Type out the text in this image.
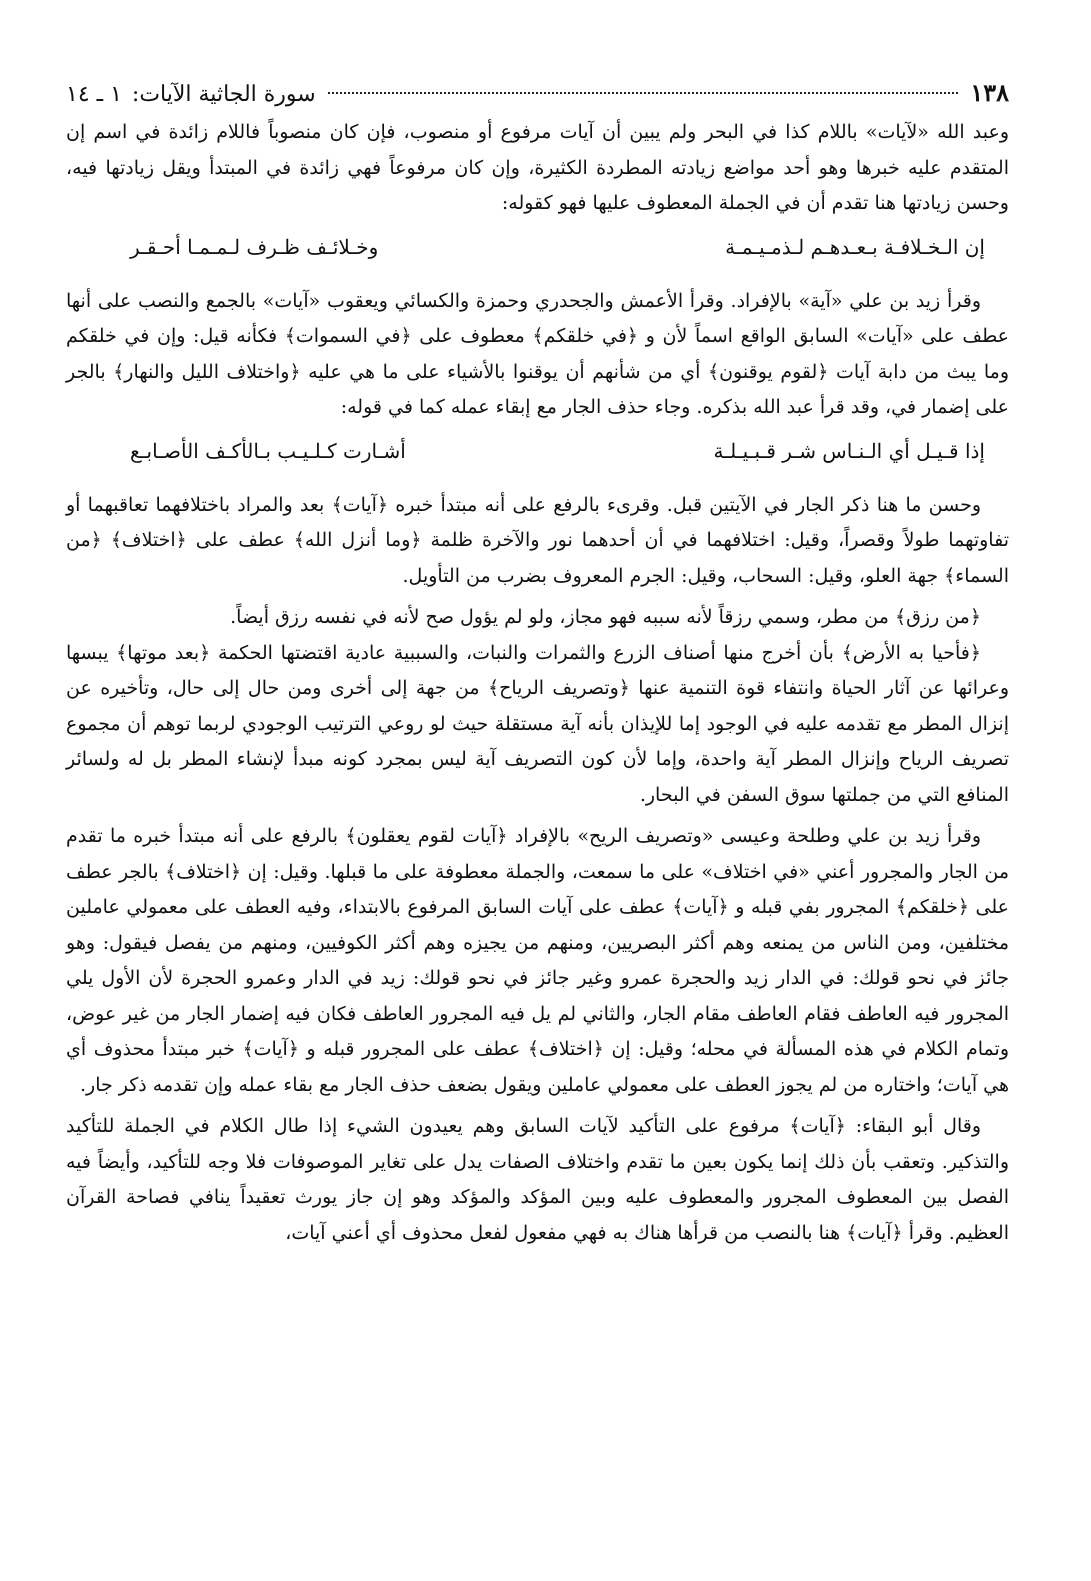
١٣٨
سورة الجاثية الآيات:
١ ـ ١٤

وعبد الله «لآيات» باللام كذا في البحر ولم يبين أن آيات مرفوع أو منصوب، فإن كان منصوباً فاللام زائدة في اسم إن المتقدم عليه خبرها وهو أحد مواضع زيادته المطردة الكثيرة، وإن كان مرفوعاً فهي زائدة في المبتدأ ويقل زيادتها فيه، وحسن زيادتها هنا تقدم أن في الجملة المعطوف عليها فهو كقوله:

إن الـخـلافـة بـعـدهـم لـذمـيـمـة
وخـلائـف ظـرف لـمـمـا أحـقـر

وقرأ زيد بن علي «آية» بالإفراد. وقرأ الأعمش والجحدري وحمزة والكسائي ويعقوب «آيات» بالجمع والنصب على أنها عطف على «آيات» السابق الواقع اسماً لأن و ﴿في خلقكم﴾ معطوف على ﴿في السموات﴾ فكأنه قيل: وإن في خلقكم وما يبث من دابة آيات ﴿لقوم يوقنون﴾ أي من شأنهم أن يوقنوا بالأشياء على ما هي عليه ﴿واختلاف الليل والنهار﴾ بالجر على إضمار في، وقد قرأ عبد الله بذكره. وجاء حذف الجار مع إبقاء عمله كما في قوله:

إذا قـيـل أي الـنـاس شـر قـبـيـلـة
أشـارت كـلـيـب بـالأكـف الأصـابـع

وحسن ما هنا ذكر الجار في الآيتين قبل. وقرىء بالرفع على أنه مبتدأ خبره ﴿آيات﴾ بعد والمراد باختلافهما تعاقبهما أو تفاوتهما طولاً وقصراً، وقيل: اختلافهما في أن أحدهما نور والآخرة ظلمة ﴿وما أنزل الله﴾ عطف على ﴿اختلاف﴾ ﴿من السماء﴾ جهة العلو، وقيل: السحاب، وقيل: الجرم المعروف بضرب من التأويل.

﴿من رزق﴾ من مطر، وسمي رزقاً لأنه سببه فهو مجاز، ولو لم يؤول صح لأنه في نفسه رزق أيضاً.

﴿فأحيا به الأرض﴾ بأن أخرج منها أصناف الزرع والثمرات والنبات، والسببية عادية اقتضتها الحكمة ﴿بعد موتها﴾ يبسها وعرائها عن آثار الحياة وانتفاء قوة التنمية عنها ﴿وتصريف الرياح﴾ من جهة إلى أخرى ومن حال إلى حال، وتأخيره عن إنزال المطر مع تقدمه عليه في الوجود إما للإيذان بأنه آية مستقلة حيث لو روعي الترتيب الوجودي لربما توهم أن مجموع تصريف الرياح وإنزال المطر آية واحدة، وإما لأن كون التصريف آية ليس بمجرد كونه مبدأ لإنشاء المطر بل له ولسائر المنافع التي من جملتها سوق السفن في البحار.

وقرأ زيد بن علي وطلحة وعيسى «وتصريف الريح» بالإفراد ﴿آيات لقوم يعقلون﴾ بالرفع على أنه مبتدأ خبره ما تقدم من الجار والمجرور أعني «في اختلاف» على ما سمعت، والجملة معطوفة على ما قبلها. وقيل: إن ﴿اختلاف﴾ بالجر عطف على ﴿خلقكم﴾ المجرور بفي قبله و ﴿آيات﴾ عطف على آيات السابق المرفوع بالابتداء، وفيه العطف على معمولي عاملين مختلفين، ومن الناس من يمنعه وهم أكثر البصريين، ومنهم من يجيزه وهم أكثر الكوفيين، ومنهم من يفصل فيقول: وهو جائز في نحو قولك: في الدار زيد والحجرة عمرو وغير جائز في نحو قولك: زيد في الدار وعمرو الحجرة لأن الأول يلي المجرور فيه العاطف فقام العاطف مقام الجار، والثاني لم يل فيه المجرور العاطف فكان فيه إضمار الجار من غير عوض، وتمام الكلام في هذه المسألة في محله؛ وقيل: إن ﴿اختلاف﴾ عطف على المجرور قبله و ﴿آيات﴾ خبر مبتدأ محذوف أي هي آيات؛ واختاره من لم يجوز العطف على معمولي عاملين ويقول بضعف حذف الجار مع بقاء عمله وإن تقدمه ذكر جار.

وقال أبو البقاء: ﴿آيات﴾ مرفوع على التأكيد لآيات السابق وهم يعيدون الشيء إذا طال الكلام في الجملة للتأكيد والتذكير. وتعقب بأن ذلك إنما يكون بعين ما تقدم واختلاف الصفات يدل على تغاير الموصوفات فلا وجه للتأكيد، وأيضاً فيه الفصل بين المعطوف المجرور والمعطوف عليه وبين المؤكد والمؤكد وهو إن جاز يورث تعقيداً ينافي فصاحة القرآن العظيم. وقرأ ﴿آيات﴾ هنا بالنصب من قرأها هناك به فهي مفعول لفعل محذوف أي أعني آيات،
